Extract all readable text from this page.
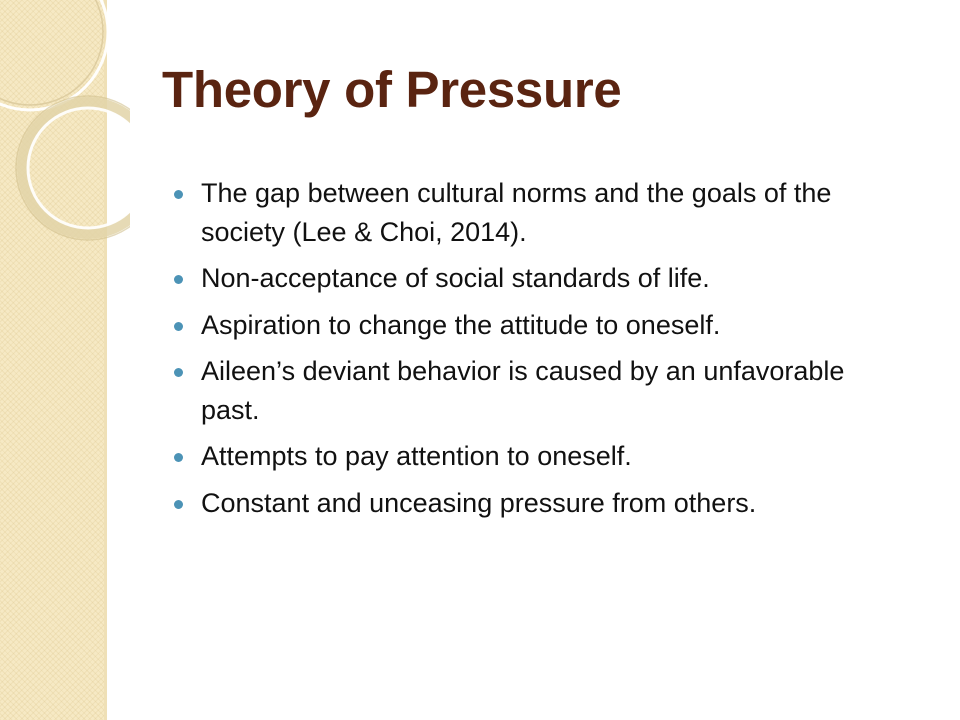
Theory of Pressure
The gap between cultural norms and the goals of the society (Lee & Choi, 2014).
Non-acceptance of social standards of life.
Aspiration to change the attitude to oneself.
Aileen’s deviant behavior is caused by an unfavorable past.
Attempts to pay attention to oneself.
Constant and unceasing pressure from others.
